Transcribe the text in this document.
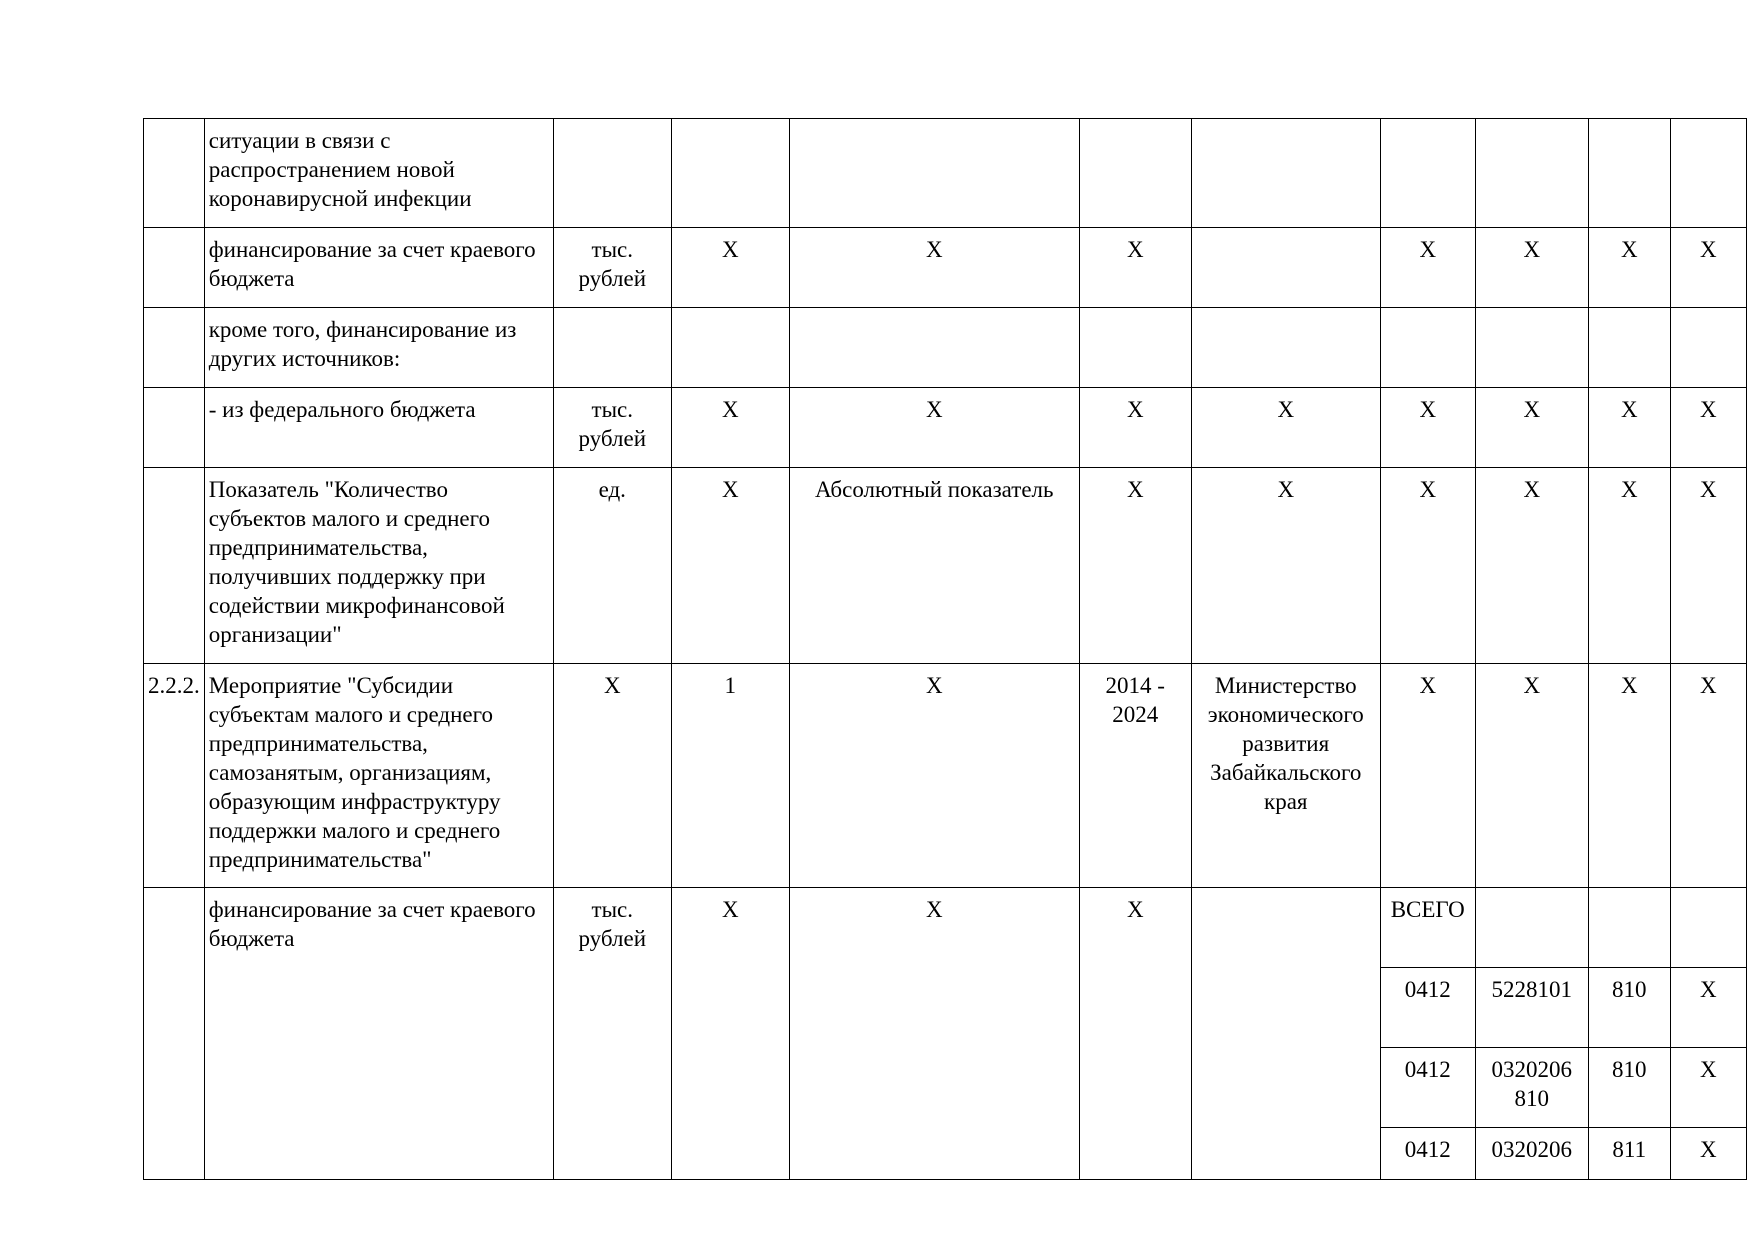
	ситуации в связи с распространением новой коронавирусной инфекции									
	финансирование за счет краевого бюджета	тыс. рублей	Х	Х	Х		Х	Х	Х	Х
	кроме того, финансирование из других источников:									
	- из федерального бюджета	тыс. рублей	Х	Х	Х	Х	Х	Х	Х	Х
	Показатель "Количество субъектов малого и среднего предпринимательства, получивших поддержку при содействии микрофинансовой организации"	ед.	Х	Абсолютный показатель	Х	Х	Х	Х	Х	Х
2.2.2.	Мероприятие "Субсидии субъектам малого и среднего предпринимательства, самозанятым, организациям, образующим инфраструктуру поддержки малого и среднего предпринимательства"	Х	1	Х	2014 - 2024	Министерство экономического развития Забайкальского края	Х	Х	Х	Х
	финансирование за счет краевого бюджета	тыс. рублей	Х	Х	Х		ВСЕГО			
							0412	5228101	810	Х
							0412	0320206 810	810	Х
							0412	0320206	811	Х
